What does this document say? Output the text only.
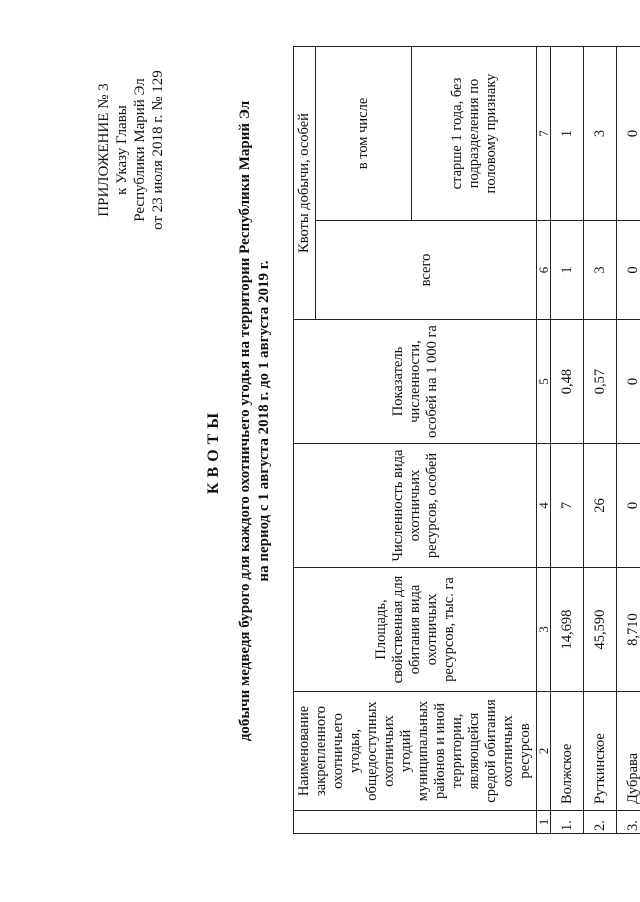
ПРИЛОЖЕНИЕ № 3 к Указу Главы Республики Марий Эл от 23 июля 2018 г. № 129
КВОТЫ добычи медведя бурого для каждого охотничьего угодья на территории Республики Марий Эл на период с 1 августа 2018 г. до 1 августа 2019 г.
	Наименование закрепленного охотничьего угодья, общедоступных охотничьих угодий муниципальных районов и иной территории, являющейся средой обитания охотничьих ресурсов	Площадь, свойственная для обитания вида охотничьих ресурсов, тыс. га	Численность вида охотничьих ресурсов, особей	Показатель численности, особей на 1 000 га	Квоты добычи, особей	
					всего	в том числе
						старше 1 года, без подразделения по половому признаку
1	2	3	4	5	6	7
1.	Волжское	14,698	7	0,48	1	1
2.	Руткинское	45,590	26	0,57	3	3
3.	Дубрава	8,710	0	0	0	0
